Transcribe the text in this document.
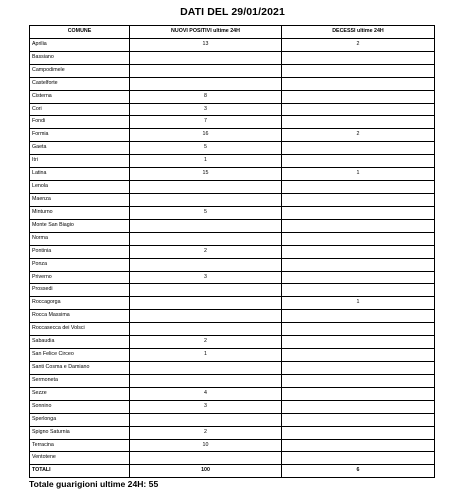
DATI DEL 29/01/2021
COMUNE	NUOVI POSITIVI ultime 24H	DECESSI ultime 24H
Aprilia	13	2
Bassiano		
Campodimele		
Castelforte		
Cisterna	8	
Cori	3	
Fondi	7	
Formia	16	2
Gaeta	5	
Itri	1	
Latina	15	1
Lenola		
Maenza		
Minturno	5	
Monte San Biagio		
Norma		
Pontinia	2	
Ponza		
Priverno	3	
Prossedi		
Roccagorga		1
Rocca Massima		
Roccasecca dei Volsci		
Sabaudia	2	
San Felice Circeo	1	
Santi Cosma e Damiano		
Sermoneta		
Sezze	4	
Sonnino	3	
Sperlonga		
Spigno Saturnia	2	
Terracina	10	
Ventotene		
TOTALI	100	6
Totale guarigioni ultime 24H: 55
